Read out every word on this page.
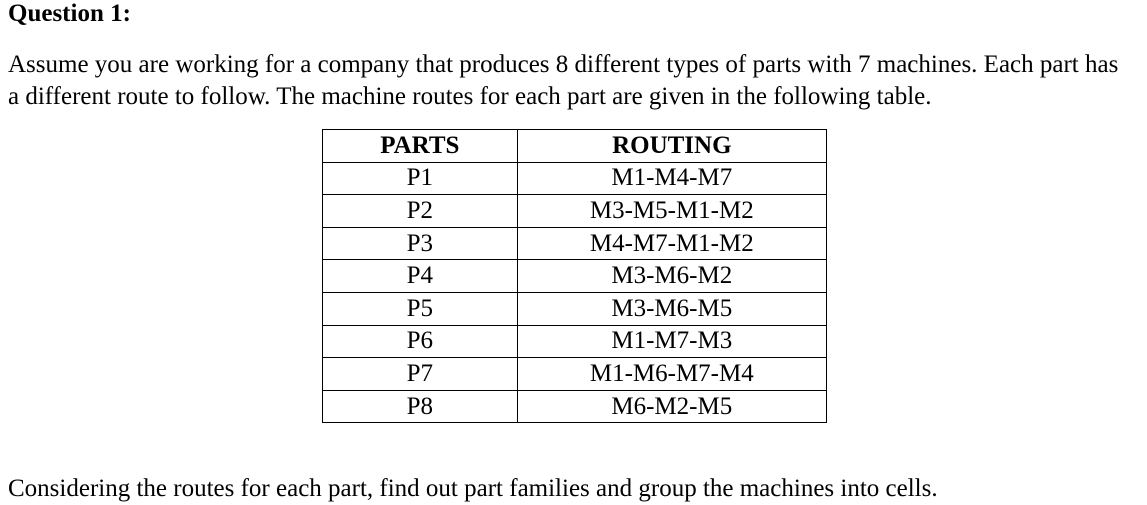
Question 1:
Assume you are working for a company that produces 8 different types of parts with 7 machines. Each part has
a different route to follow. The machine routes for each part are given in the following table.
PARTS	ROUTING
P1	M1-M4-M7
P2	M3-M5-M1-M2
P3	M4-M7-M1-M2
P4	M3-M6-M2
P5	M3-M6-M5
P6	M1-M7-M3
P7	M1-M6-M7-M4
P8	M6-M2-M5
Considering the routes for each part, find out part families and group the machines into cells.
